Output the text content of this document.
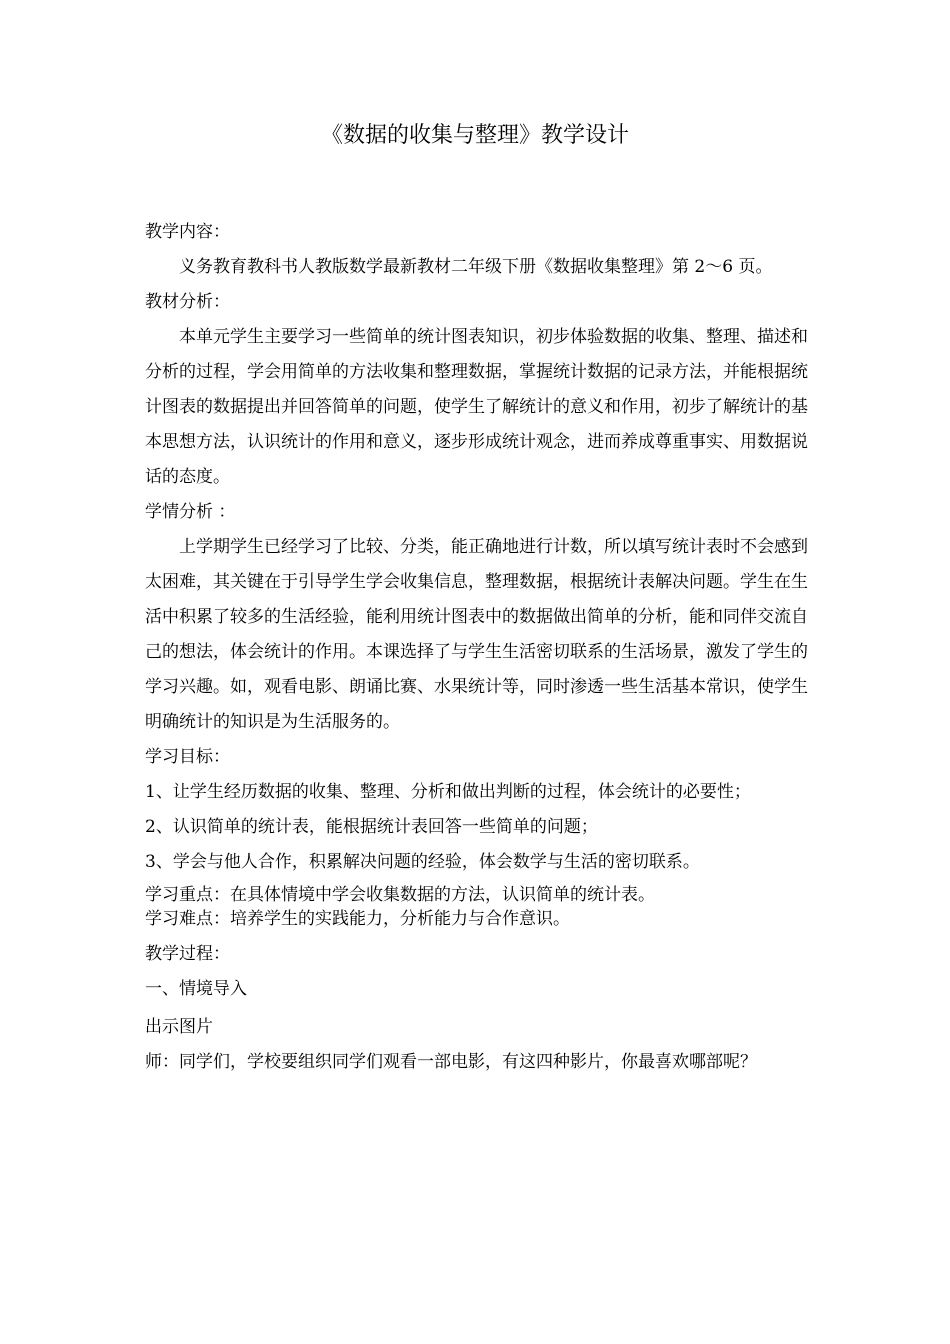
《数据的收集与整理》教学设计

教学内容：

义务教育教科书人教版数学最新教材二年级下册《数据收集整理》第 2～6 页。

教材分析：

本单元学生主要学习一些简单的统计图表知识，初步体验数据的收集、整理、描述和分析的过程，学会用简单的方法收集和整理数据，掌握统计数据的记录方法，并能根据统计图表的数据提出并回答简单的问题，使学生了解统计的意义和作用，初步了解统计的基本思想方法，认识统计的作用和意义，逐步形成统计观念，进而养成尊重事实、用数据说话的态度。

学情分析 ：

上学期学生已经学习了比较、分类，能正确地进行计数，所以填写统计表时不会感到太困难，其关键在于引导学生学会收集信息，整理数据，根据统计表解决问题。学生在生活中积累了较多的生活经验，能利用统计图表中的数据做出简单的分析，能和同伴交流自己的想法，体会统计的作用。本课选择了与学生生活密切联系的生活场景，激发了学生的学习兴趣。如，观看电影、朗诵比赛、水果统计等，同时渗透一些生活基本常识，使学生明确统计的知识是为生活服务的。

学习目标：

1、让学生经历数据的收集、整理、分析和做出判断的过程，体会统计的必要性；

2、认识简单的统计表，能根据统计表回答一些简单的问题；

3、学会与他人合作，积累解决问题的经验，体会数学与生活的密切联系。

学习重点：在具体情境中学会收集数据的方法，认识简单的统计表。

学习难点：培养学生的实践能力，分析能力与合作意识。

教学过程：

一、情境导入

出示图片

师：同学们，学校要组织同学们观看一部电影，有这四种影片，你最喜欢哪部呢？
